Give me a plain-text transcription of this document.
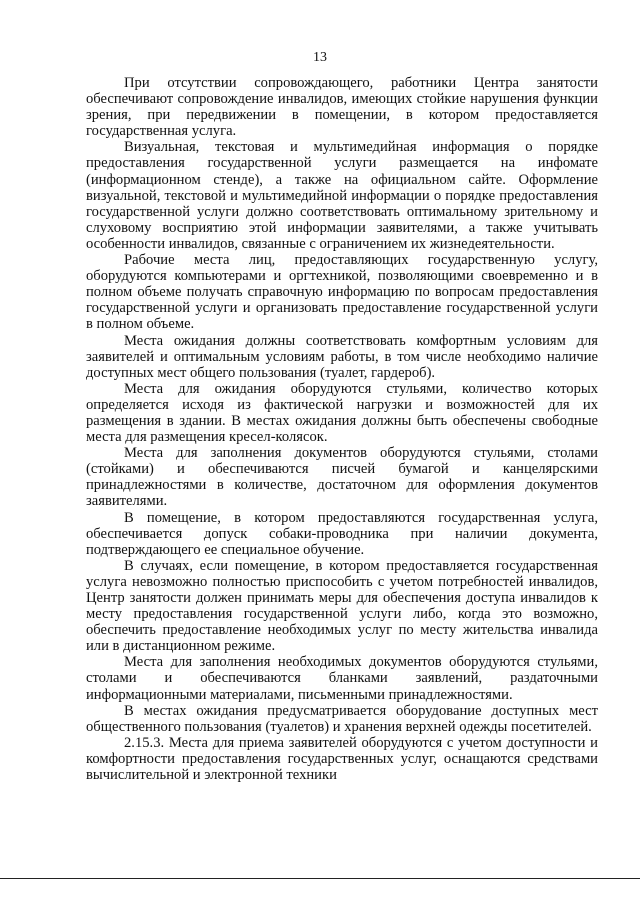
13

При отсутствии сопровождающего, работники Центра занятости обеспечивают сопровождение инвалидов, имеющих стойкие нарушения функции зрения, при передвижении в помещении, в котором предоставляется государственная услуга.

Визуальная, текстовая и мультимедийная информация о порядке предоставления государственной услуги размещается на инфомате (информационном стенде), а также на официальном сайте. Оформление визуальной, текстовой и мультимедийной информации о порядке предоставления государственной услуги должно соответствовать оптимальному зрительному и слуховому восприятию этой информации заявителями, а также учитывать особенности инвалидов, связанные с ограничением их жизнедеятельности.

Рабочие места лиц, предоставляющих государственную услугу, оборудуются компьютерами и оргтехникой, позволяющими своевременно и в полном объеме получать справочную информацию по вопросам предоставления государственной услуги и организовать предоставление государственной услуги в полном объеме.

Места ожидания должны соответствовать комфортным условиям для заявителей и оптимальным условиям работы, в том числе необходимо наличие доступных мест общего пользования (туалет, гардероб).

Места для ожидания оборудуются стульями, количество которых определяется исходя из фактической нагрузки и возможностей для их размещения в здании. В местах ожидания должны быть обеспечены свободные места для размещения кресел-колясок.

Места для заполнения документов оборудуются стульями, столами (стойками) и обеспечиваются писчей бумагой и канцелярскими принадлежностями в количестве, достаточном для оформления документов заявителями.

В помещение, в котором предоставляются государственная услуга, обеспечивается допуск собаки-проводника при наличии документа, подтверждающего ее специальное обучение.

В случаях, если помещение, в котором предоставляется государственная услуга невозможно полностью приспособить с учетом потребностей инвалидов, Центр занятости должен принимать меры для обеспечения доступа инвалидов к месту предоставления государственной услуги либо, когда это возможно, обеспечить предоставление необходимых услуг по месту жительства инвалида или в дистанционном режиме.

Места для заполнения необходимых документов оборудуются стульями, столами и обеспечиваются бланками заявлений, раздаточными информационными материалами, письменными принадлежностями.

В местах ожидания предусматривается оборудование доступных мест общественного пользования (туалетов) и хранения верхней одежды посетителей.

2.15.3. Места для приема заявителей оборудуются с учетом доступности и комфортности предоставления государственных услуг, оснащаются средствами вычислительной и электронной техники
